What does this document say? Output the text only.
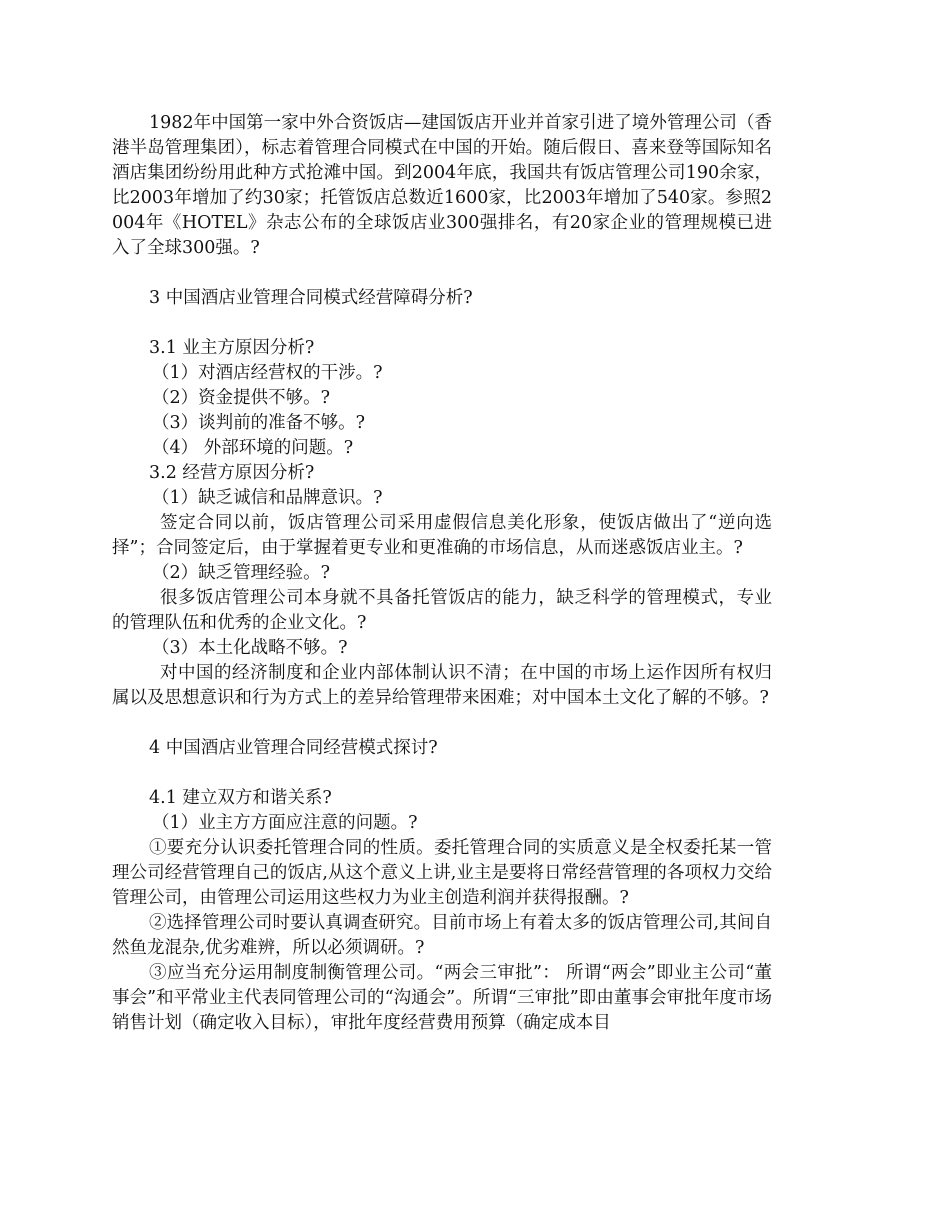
1982年中国第一家中外合资饭店—建国饭店开业并首家引进了境外管理公司（香港半岛管理集团），标志着管理合同模式在中国的开始。随后假日、喜来登等国际知名酒店集团纷纷用此种方式抢滩中国。到2004年底，我国共有饭店管理公司190余家，比2003年增加了约30家；托管饭店总数近1600家，比2003年增加了540家。参照2004年《HOTEL》杂志公布的全球饭店业300强排名，有20家企业的管理规模已进入了全球300强。?

3 中国酒店业管理合同模式经营障碍分析?

3.1 业主方原因分析?

（1）对酒店经营权的干涉。?

（2）资金提供不够。?

（3）谈判前的准备不够。?

（4） 外部环境的问题。?

3.2 经营方原因分析?

（1）缺乏诚信和品牌意识。?

签定合同以前，饭店管理公司采用虚假信息美化形象，使饭店做出了“逆向选择”；合同签定后，由于掌握着更专业和更准确的市场信息，从而迷惑饭店业主。?

（2）缺乏管理经验。?

很多饭店管理公司本身就不具备托管饭店的能力，缺乏科学的管理模式，专业的管理队伍和优秀的企业文化。?

（3）本土化战略不够。?

对中国的经济制度和企业内部体制认识不清；在中国的市场上运作因所有权归属以及思想意识和行为方式上的差异给管理带来困难；对中国本土文化了解的不够。?

4 中国酒店业管理合同经营模式探讨?

4.1 建立双方和谐关系?

（1）业主方方面应注意的问题。?

①要充分认识委托管理合同的性质。委托管理合同的实质意义是全权委托某一管理公司经营管理自己的饭店,从这个意义上讲,业主是要将日常经营管理的各项权力交给管理公司，由管理公司运用这些权力为业主创造利润并获得报酬。?

②选择管理公司时要认真调查研究。目前市场上有着太多的饭店管理公司,其间自然鱼龙混杂,优劣难辨，所以必须调研。?

③应当充分运用制度制衡管理公司。“两会三审批”： 所谓“两会”即业主公司“董事会”和平常业主代表同管理公司的“沟通会”。所谓“三审批”即由董事会审批年度市场销售计划（确定收入目标），审批年度经营费用预算（确定成本目
